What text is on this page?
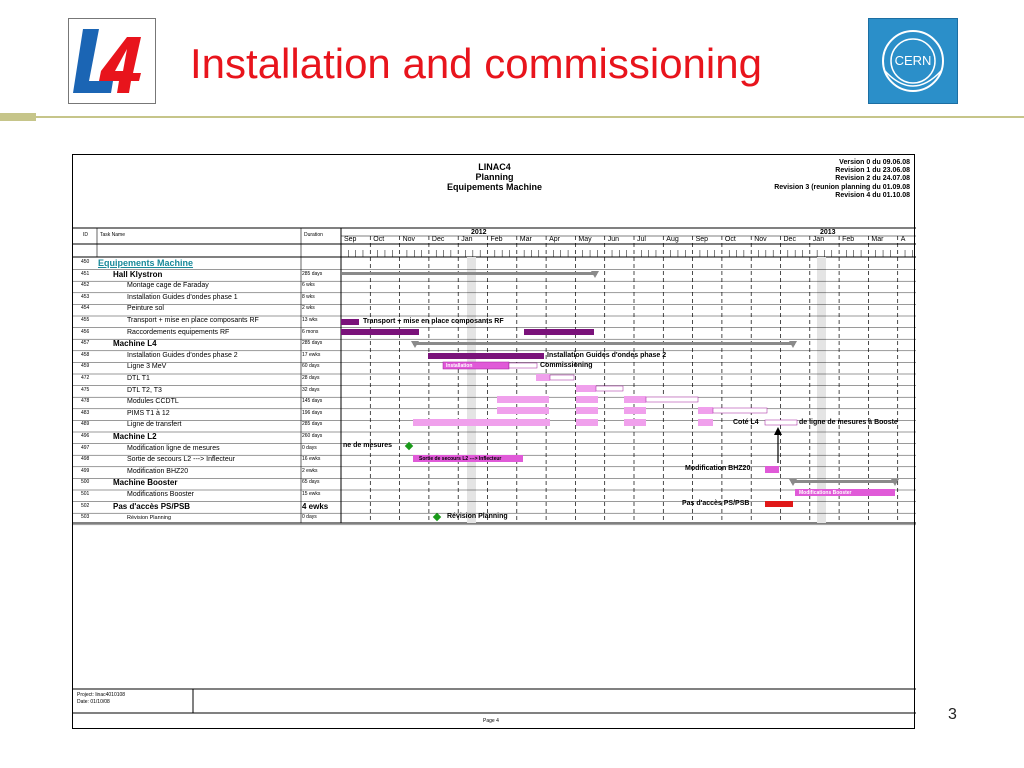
Installation and commissioning	CERN
LINAC4
Planning
Equipements Machine
Version 0 du 09.06.08
Revision 1 du 23.06.08
Revision 2 du 24.07.08
Revision 3 (reunion planning du 01.09.08
Revision 4 du 01.10.08
ID Task Name	Duration	2012	2013
Sep Oct	Nov Dec Jan	Feb Mar Apr	May Jun	Jul	Aug Sep Oct	Nov Dec Jan	Feb Mar A
450 Equipements Machine
451	Hall Klystron	285 days
452	Montage cage de Faraday	6 wks
453	Installation Guides d'ondes phase 1	8 wks
454	Peinture sol	2 wks
455	Transport + mise en place composants RF	13 wks
456	Raccordements equipements RF	6 mons
457	Machine L4	285 days
458	Installation Guides d'ondes phase 2	17 ewks
459	Ligne 3 MeV	60 days
472	DTL T1	28 days
475	DTL T2, T3	32 days
478	Modules CCDTL	145 days
483	PIMS T1 à 12	196 days
489	Ligne de transfert	285 days
496	Machine L2	260 days
497	Modification ligne de mesures	0 days
498	Sortie de secours L2 ---> Inflecteur	16 ewks
499	Modification BHZ20	2 ewks
500	Machine Booster	65 days
501	Modifications Booster	15 ewks
502	Pas d'accès PS/PSB	4 ewks
503	Révision Planning	0 days
Transport + mise en place composants RF
Installation Guides d'ondes phase 2
Installation	Commissioning
Coté L4	de ligne de mesures à Booste
ne de mesures
Sortie de secours L2 ---> Inflecteur
Modification BHZ20
Modifications Booster
Pas d'accès PS/PSB
Révision Planning
Project: linac4010108
Date: 01/10/08
Page 4	3
